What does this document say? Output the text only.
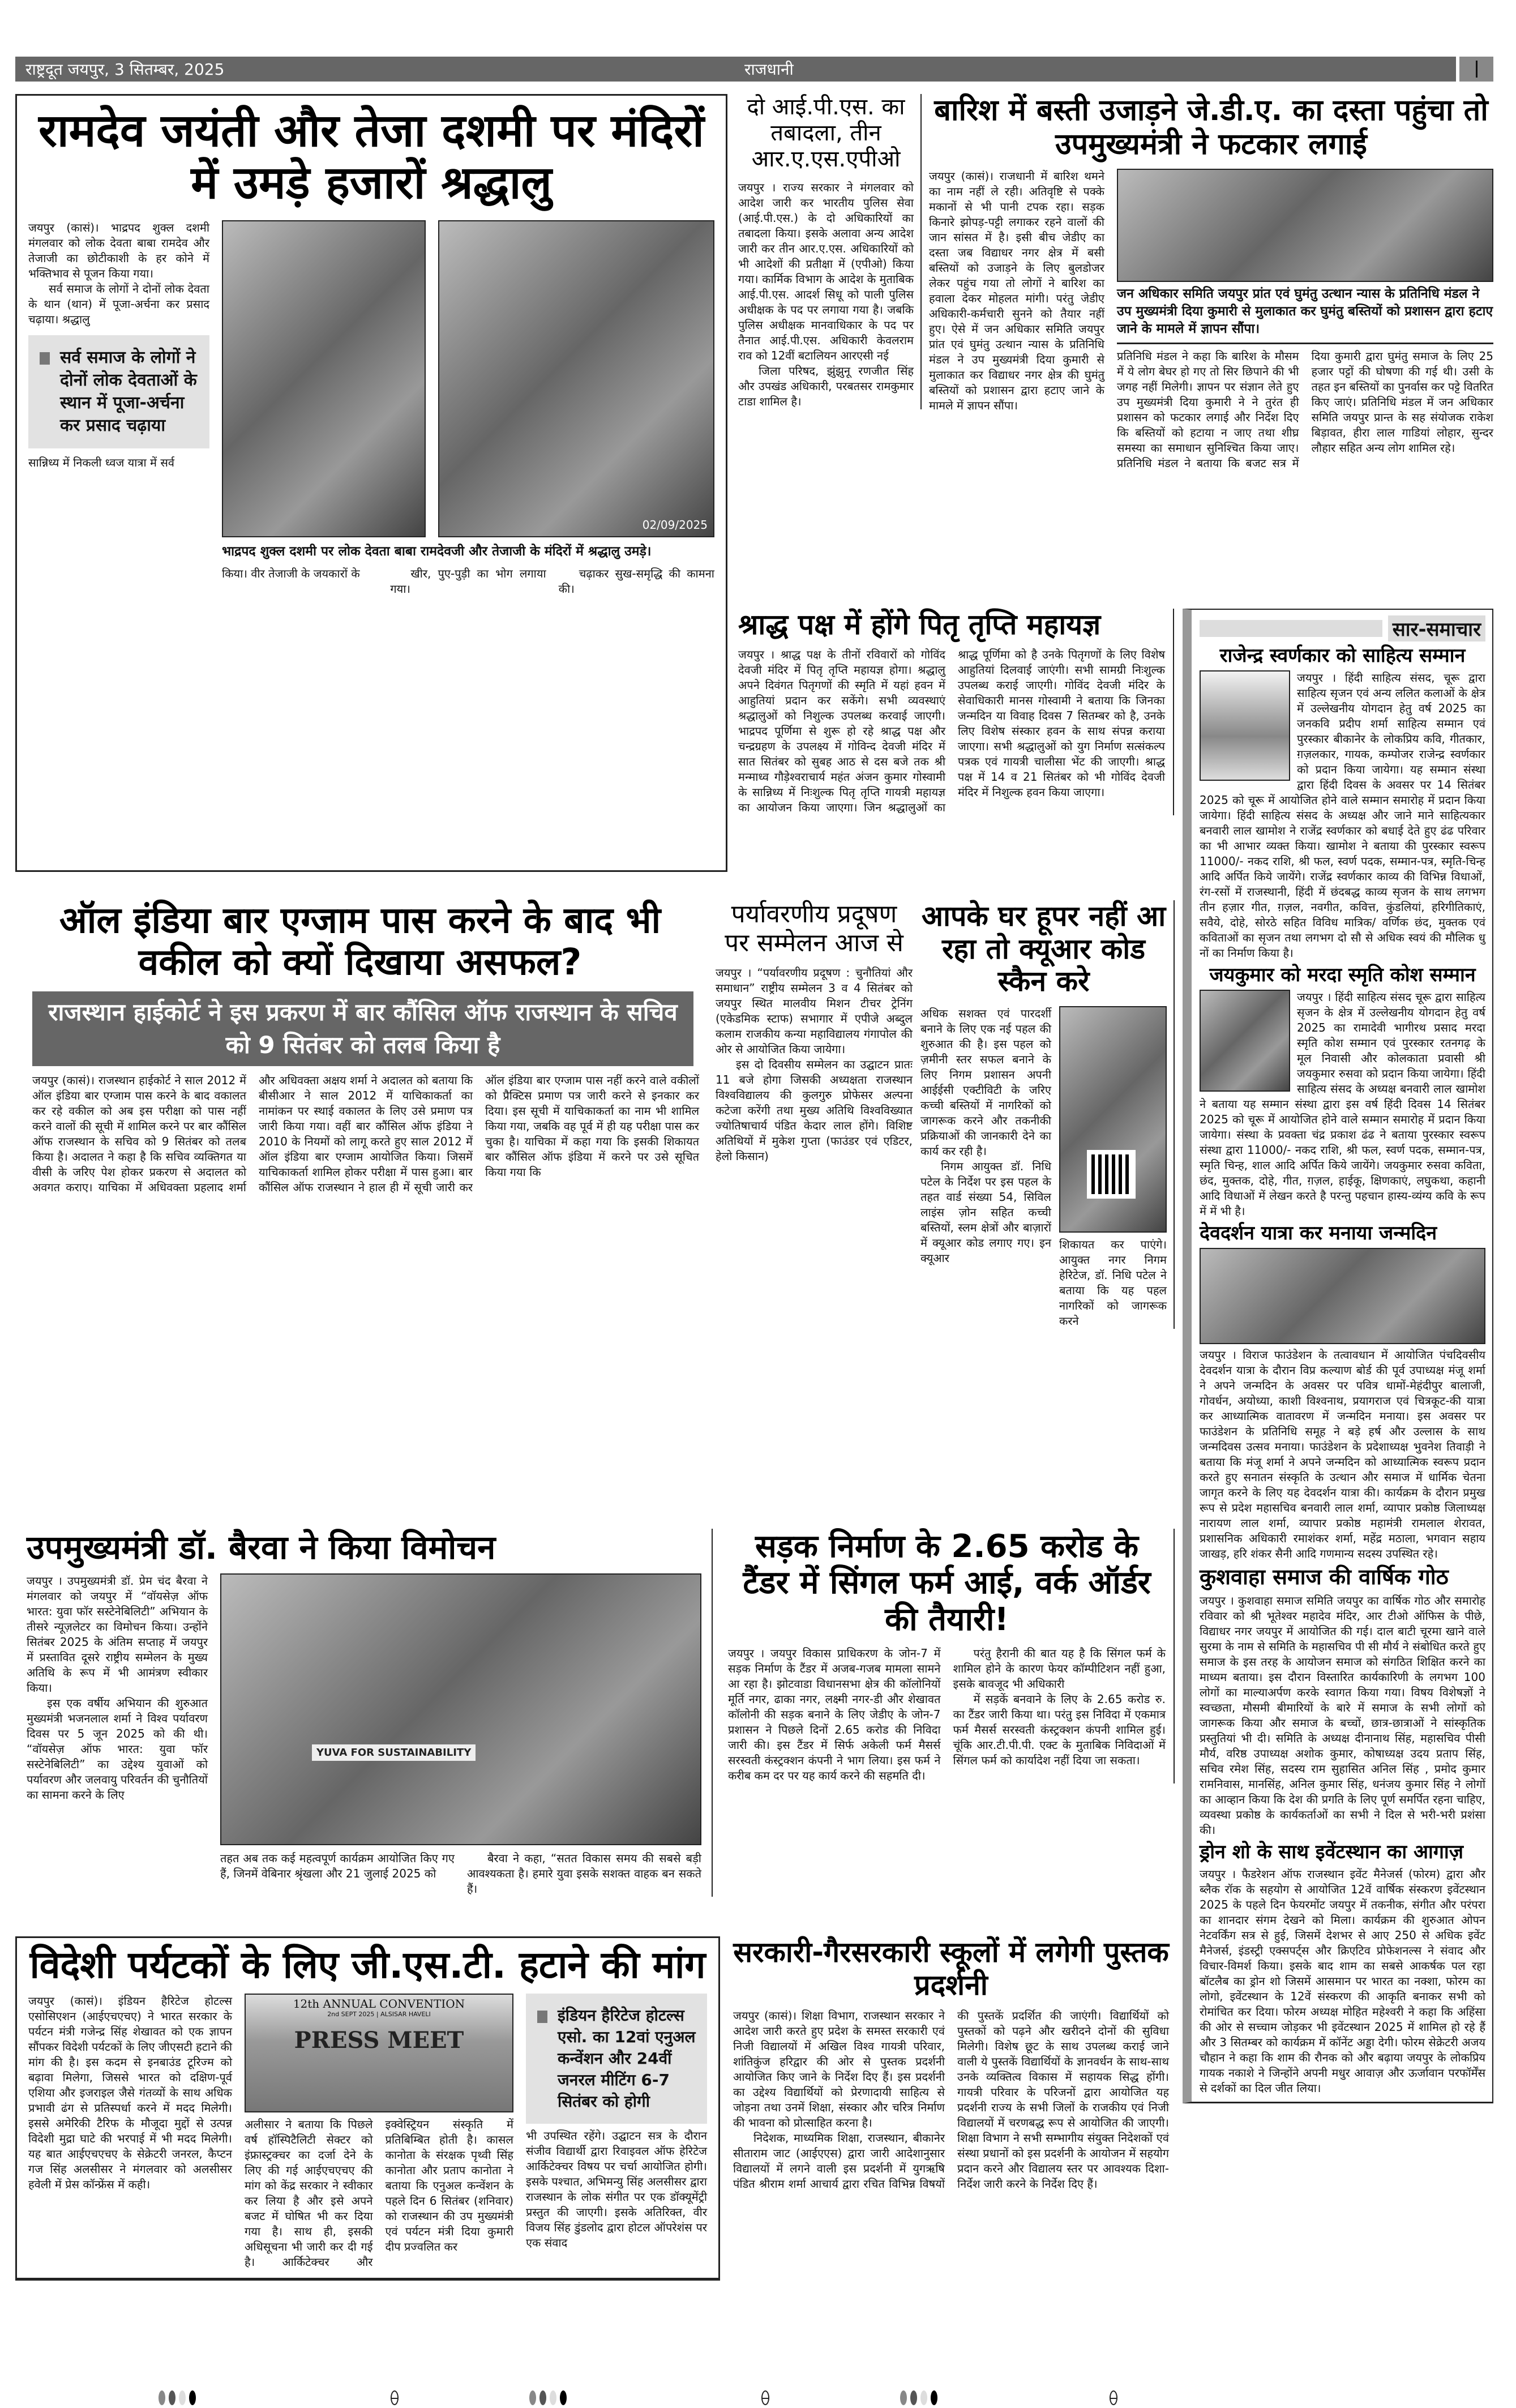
राष्ट्रदूत जयपुर, 3 सितम्बर, 2025	राजधानी
रामदेव जयंती और तेजा दशमी पर मंदिरों में उमड़े हजारों श्रद्धालु

जयपुर (कासं)। भाद्रपद शुक्ल दशमी मंगलवार को लोक देवता बाबा रामदेव और तेजाजी का छोटीकाशी के हर कोने में भक्तिभाव से पूजन किया गया।

सर्व समाज के लोगों ने दोनों लोक देवता के थान (थान) में पूजा-अर्चना कर प्रसाद चढ़ाया। श्रद्धालु

सर्व समाज के लोगों ने दोनों लोक देवताओं के स्थान में पूजा-अर्चना कर प्रसाद चढ़ाया

सान्निध्य में निकली ध्वज यात्रा में सर्व

02/09/2025
भाद्रपद शुक्ल दशमी पर लोक देवता बाबा रामदेवजी और तेजाजी के मंदिरों में श्रद्धालु उमड़े।

किया। वीर तेजाजी के जयकारों के	खीर, पुए-पुड़ी का भोग लगाया गया।

चढ़ाकर सुख-समृद्धि की कामना की।

दो आई.पी.एस. का तबादला, तीन आर.ए.एस.एपीओ

जयपुर । राज्य सरकार ने मंगलवार को आदेश जारी कर भारतीय पुलिस सेवा (आई.पी.एस.) के दो अधिकारियों का तबादला किया। इसके अलावा अन्य आदेश जारी कर तीन आर.ए.एस. अधिकारियों को भी आदेशों की प्रतीक्षा में (एपीओ) किया गया। कार्मिक विभाग के आदेश के मुताबिक आई.पी.एस. आदर्श सिधू को पाली पुलिस अधीक्षक के पद पर लगाया गया है। जबकि पुलिस अधीक्षक मानवाधिकार के पद पर तैनात आई.पी.एस. अधिकारी केवलराम राव को 12वीं बटालियन आरएसी नई

जिला परिषद, झुंझुनू रणजीत सिंह और उपखंड अधिकारी, परबतसर रामकुमार टाडा शामिल है।

बारिश में बस्ती उजाड़ने जे.डी.ए. का दस्ता पहुंचा तो उपमुख्यमंत्री ने फटकार लगाई

जयपुर (कासं)। राजधानी में बारिश थमने का नाम नहीं ले रही। अतिवृष्टि से पक्के मकानों से भी पानी टपक रहा। सड़क किनारे झोपड़-पट्टी लगाकर रहने वालों की जान सांसत में है। इसी बीच जेडीए का दस्ता जब विद्याधर नगर क्षेत्र में बसी बस्तियों को उजाड़ने के लिए बुलडोजर लेकर पहुंच गया तो लोगों ने बारिश का हवाला देकर मोहलत मांगी। परंतु जेडीए अधिकारी-कर्मचारी सुनने को तैयार नहीं हुए। ऐसे में जन अधिकार समिति जयपुर प्रांत एवं घुमंतु उत्थान न्यास के प्रतिनिधि मंडल ने उप मुख्यमंत्री दिया कुमारी से मुलाकात कर विद्याधर नगर क्षेत्र की घुमंतु बस्तियों को प्रशासन द्वारा हटाए जाने के मामले में ज्ञापन सौंपा।

जन अधिकार समिति जयपुर प्रांत एवं घुमंतु उत्थान न्यास के प्रतिनिधि मंडल ने उप मुख्यमंत्री दिया कुमारी से मुलाकात कर घुमंतु बस्तियों को प्रशासन द्वारा हटाए जाने के मामले में ज्ञापन सौंपा।

प्रतिनिधि मंडल ने कहा कि बारिश के मौसम में ये लोग बेघर हो गए तो सिर छिपाने की भी जगह नहीं मिलेगी। ज्ञापन पर संज्ञान लेते हुए उप मुख्यमंत्री दिया कुमारी ने ने तुरंत ही प्रशासन को फटकार लगाई और निर्देश दिए कि बस्तियों को हटाया न जाए तथा शीघ्र समस्या का समाधान सुनिश्चित किया जाए। प्रतिनिधि मंडल ने बताया कि बजट सत्र में दिया कुमारी द्वारा घुमंतु समाज के लिए 25 हजार पट्टों की घोषणा की गई थी। उसी के तहत इन बस्तियों का पुनर्वास कर पट्टे वितरित किए जाएं। प्रतिनिधि मंडल में जन अधिकार समिति जयपुर प्रान्त के सह संयोजक राकेश बिड़ावत, हीरा लाल गाडियां लोहार, सुन्दर लौहार सहित अन्य लोग शामिल रहे।

श्राद्ध पक्ष में होंगे पितृ तृप्ति महायज्ञ

जयपुर । श्राद्ध पक्ष के तीनों रविवारों को गोविंद देवजी मंदिर में पितृ तृप्ति महायज्ञ होगा। श्रद्धालु अपने दिवंगत पितृगणों की स्मृति में यहां हवन में आहुतियां प्रदान कर सकेंगे। सभी व्यवस्थाएं श्रद्धालुओं को निशुल्क उपलब्ध करवाई जाएगी। भाद्रपद पूर्णिमा से शुरू हो रहे श्राद्ध पक्ष और चन्द्रग्रहण के उपलक्ष्य में गोविन्द देवजी मंदिर में सात सितंबर को सुबह आठ से दस बजे तक श्री मन्माध्व गौड़ेश्वराचार्य महंत अंजन कुमार गोस्वामी के सान्निध्य में निःशुल्क पितृ तृप्ति गायत्री महायज्ञ का आयोजन किया जाएगा। जिन श्रद्धालुओं का श्राद्ध पूर्णिमा को है उनके पितृगणों के लिए विशेष आहुतियां दिलवाई जाएंगी। सभी सामग्री निःशुल्क उपलब्ध कराई जाएगी। गोविंद देवजी मंदिर के सेवाधिकारी मानस गोस्वामी ने बताया कि जिनका जन्मदिन या विवाह दिवस 7 सितम्बर को है, उनके लिए विशेष संस्कार हवन के साथ संपन्न कराया जाएगा। सभी श्रद्धालुओं को युग निर्माण सत्संकल्प पत्रक एवं गायत्री चालीसा भेंट की जाएगी। श्राद्ध पक्ष में 14 व 21 सितंबर को भी गोविंद देवजी मंदिर में निशुल्क हवन किया जाएगा।

सार-समाचार
राजेन्द्र स्वर्णकार को साहित्य सम्मान

जयपुर । हिंदी साहित्य संसद, चूरू द्वारा साहित्य सृजन एवं अन्य ललित कलाओं के क्षेत्र में उल्लेखनीय योगदान हेतु वर्ष 2025 का जनकवि प्रदीप शर्मा साहित्य सम्मान एवं पुरस्कार बीकानेर के लोकप्रिय कवि, गीतकार, ग़ज़लकार, गायक, कम्पोजर राजेन्द्र स्वर्णकार को प्रदान किया जायेगा। यह सम्मान संस्था द्वारा हिंदी दिवस के अवसर पर 14 सितंबर 2025 को चूरू में आयोजित होने वाले सम्मान समारोह में प्रदान किया जायेगा। हिंदी साहित्य संसद के अध्यक्ष और जाने माने साहित्यकार बनवारी लाल खामोश ने राजेंद्र स्वर्णकार को बधाई देते हुए ढंढ परिवार का भी आभार व्यक्त किया। खामोश ने बताया की पुरस्कार स्वरूप 11000/- नकद राशि, श्री फल, स्वर्ण पदक, सम्मान-पत्र, स्मृति-चिन्ह आदि अर्पित किये जायेंगे। राजेंद्र स्वर्णकार काव्य की विभिन्न विधाओं, रंग-रसों में राजस्थानी, हिंदी में छंदबद्ध काव्य सृजन के साथ लगभग तीन हज़ार गीत, ग़ज़ल, नवगीत, कवित्त, कुंडलियां, हरिगीतिकाएं, सवैये, दोहे, सोरठे सहित विविध मात्रिक/ वर्णिक छंद, मुक्तक एवं कविताओं का सृजन तथा लगभग दो सौ से अधिक स्वयं की मौलिक धु नों का निर्माण किया है।

जयकुमार को मरदा स्मृति कोश सम्मान

जयपुर । हिंदी साहित्य संसद चूरू द्वारा साहित्य सृजन के क्षेत्र में उल्लेखनीय योगदान हेतु वर्ष 2025 का रामादेवी भागीरथ प्रसाद मरदा स्मृति कोश सम्मान एवं पुरस्कार रतनगढ़ के मूल निवासी और कोलकाता प्रवासी श्री जयकुमार रुसवा को प्रदान किया जायेगा। हिंदी साहित्य संसद के अध्यक्ष बनवारी लाल खामोश ने बताया यह सम्मान संस्था द्वारा इस वर्ष हिंदी दिवस 14 सितंबर 2025 को चूरू में आयोजित होने वाले सम्मान समारोह में प्रदान किया जायेगा। संस्था के प्रवक्ता चंद्र प्रकाश ढंढ ने बताया पुरस्कार स्वरूप संस्था द्वारा 11000/- नकद राशि, श्री फल, स्वर्ण पदक, सम्मान-पत्र, स्मृति चिन्ह, शाल आदि अर्पित किये जायेंगे। जयकुमार रुसवा कविता, छंद, मुक्तक, दोहे, गीत, ग़ज़ल, हाईकू, क्षिणकाएं, लघुकथा, कहानी आदि विधाओं में लेखन करते है परन्तु पहचान हास्य-व्यंग्य कवि के रूप में में भी है।

देवदर्शन यात्रा कर मनाया जन्मदिन

जयपुर । विराज फाउंडेशन के तत्वावधान में आयोजित पंचदिवसीय देवदर्शन यात्रा के दौरान विप्र कल्याण बोर्ड की पूर्व उपाध्यक्ष मंजू शर्मा ने अपने जन्मदिन के अवसर पर पवित्र धामों-मेहंदीपुर बालाजी, गोवर्धन, अयोध्या, काशी विश्वनाथ, प्रयागराज एवं चित्रकूट-की यात्रा कर आध्यात्मिक वातावरण में जन्मदिन मनाया। इस अवसर पर फाउंडेशन के प्रतिनिधि समूह ने बड़े हर्ष और उल्लास के साथ जन्मदिवस उत्सव मनाया। फाउंडेशन के प्रदेशाध्यक्ष भुवनेश तिवाड़ी ने बताया कि मंजू शर्मा ने अपने जन्मदिन को आध्यात्मिक स्वरूप प्रदान करते हुए सनातन संस्कृति के उत्थान और समाज में धार्मिक चेतना जागृत करने के लिए यह देवदर्शन यात्रा की। कार्यक्रम के दौरान प्रमुख रूप से प्रदेश महासचिव बनवारी लाल शर्मा, व्यापार प्रकोष्ठ जिलाध्यक्ष नारायण लाल शर्मा, व्यापार प्रकोष्ठ महामंत्री रामलाल शेरावत, प्रशासनिक अधिकारी रमाशंकर शर्मा, महेंद्र मठाला, भगवान सहाय जाखड़, हरि शंकर सैनी आदि गणमान्य सदस्य उपस्थित रहे।

कुशवाहा समाज की वार्षिक गोठ

जयपुर । कुशवाहा समाज समिति जयपुर का वार्षिक गोठ और समारोह रविवार को श्री भूतेश्वर महादेव मंदिर, आर टीओ ऑफिस के पीछे, विद्याधर नगर जयपुर में आयोजित की गई। दाल बाटी चूरमा खाने वाले सुरमा के नाम से समिति के महासचिव पी सी मौर्य ने संबोधित करते हुए समाज के इस तरह के आयोजन समाज को संगठित शिक्षित करने का माध्यम बताया। इस दौरान विस्तारित कार्यकारिणी के लगभग 100 लोगों का माल्याअर्पण करके स्वागत किया गया। विषय विशेषज्ञों ने स्वच्छता, मौसमी बीमारियों के बारे में समाज के सभी लोगों को जागरूक किया और समाज के बच्चों, छात्र-छात्राओं ने सांस्कृतिक प्रस्तुतियां भी दी। समिति के अध्यक्ष दीनानाथ सिंह, महासचिव पीसी मौर्य, वरिष्ठ उपाध्यक्ष अशोक कुमार, कोषाध्यक्ष उदय प्रताप सिंह, सचिव रमेश सिंह, सदस्य राम सुहासित अनिल सिंह , प्रमोद कुमार रामनिवास, मानसिंह, अनिल कुमार सिंह, धनंजय कुमार सिंह ने लोगों का आव्हान किया कि देश की प्रगति के लिए पूर्ण समर्पित रहना चाहिए, व्यवस्था प्रकोष्ठ के कार्यकर्ताओं का सभी ने दिल से भरी-भरी प्रशंसा की।

ड्रोन शो के साथ इवेंटस्थान का आगाज़

जयपुर । फैडरेशन ऑफ राजस्थान इवेंट मैनेजर्स (फोरम) द्वारा और ब्लैक रॉक के सहयोग से आयोजित 12वें वार्षिक संस्करण इवेंटस्थान 2025 के पहले दिन फेयरमोंट जयपुर में तकनीक, संगीत और परंपरा का शानदार संगम देखने को मिला। कार्यक्रम की शुरुआत ओपन नेटवर्किंग सत्र से हुई, जिसमें देशभर से आए 250 से अधिक इवेंट मैनेजर्स, इंडस्ट्री एक्सपर्ट्स और क्रिएटिव प्रोफेशनल्स ने संवाद और विचार-विमर्श किया। इसके बाद शाम का सबसे आकर्षक पल रहा बॉटलैब का ड्रोन शो जिसमें आसमान पर भारत का नक्शा, फोरम का लोगो, इवेंटस्थान के 12वें संस्करण की आकृति बनाकर सभी को रोमांचित कर दिया। फोरम अध्यक्ष मोहित महेश्वरी ने कहा कि अहिंसा की ओर से सच्चाम जोड़कर भी इवेंटस्थान 2025 में शामिल हो रहे हैं और 3 सितम्बर को कार्यक्रम में कॉनेंट अड्डा देगी। फोरम सेक्रेटरी अजय चौहान ने कहा कि शाम की रौनक को और बढ़ाया जयपुर के लोकप्रिय गायक नकाशे ने जिन्होंने अपनी मधुर आवाज़ और ऊर्जावान परफॉर्मेंस से दर्शकों का दिल जीत लिया।

ऑल इंडिया बार एग्जाम पास करने के बाद भी वकील को क्यों दिखाया असफल?
राजस्थान हाईकोर्ट ने इस प्रकरण में बार कौंसिल ऑफ राजस्थान के सचिव को 9 सितंबर को तलब किया है

जयपुर (कासं)। राजस्थान हाईकोर्ट ने साल 2012 में ऑल इंडिया बार एग्जाम पास करने के बाद वकालत कर रहे वकील को अब इस परीक्षा को पास नहीं करने वालों की सूची में शामिल करने पर बार कौंसिल ऑफ राजस्थान के सचिव को 9 सितंबर को तलब किया है। अदालत ने कहा है कि सचिव व्यक्तिगत या वीसी के जरिए पेश होकर प्रकरण से अदालत को अवगत कराए। याचिका में अधिवक्ता प्रहलाद शर्मा और अधिवक्ता अक्षय शर्मा ने अदालत को बताया कि बीसीआर ने साल 2012 में याचिकाकर्ता का नामांकन पर स्थाई वकालत के लिए उसे प्रमाण पत्र जारी किया गया। वहीं बार कौंसिल ऑफ इंडिया ने 2010 के नियमों को लागू करते हुए साल 2012 में ऑल इंडिया बार एग्जाम आयोजित किया। जिसमें याचिकाकर्ता शामिल होकर परीक्षा में पास हुआ। बार कौंसिल ऑफ राजस्थान ने हाल ही में सूची जारी कर ऑल इंडिया बार एग्जाम पास नहीं करने वाले वकीलों को प्रैक्टिस प्रमाण पत्र जारी करने से इनकार कर दिया। इस सूची में याचिकाकर्ता का नाम भी शामिल किया गया, जबकि वह पूर्व में ही यह परीक्षा पास कर चुका है। याचिका में कहा गया कि इसकी शिकायत बार कौंसिल ऑफ इंडिया में करने पर उसे सूचित किया गया कि

पर्यावरणीय प्रदूषण पर सम्मेलन आज से

जयपुर । “पर्यावरणीय प्रदूषण : चुनौतियां और समाधान” राष्ट्रीय सम्मेलन 3 व 4 सितंबर को जयपुर स्थित मालवीय मिशन टीचर ट्रेनिंग (एकेडमिक स्टाफ) सभागार में एपीजे अब्दुल कलाम राजकीय कन्या महाविद्यालय गंगापोल की ओर से आयोजित किया जायेगा।

इस दो दिवसीय सम्मेलन का उद्घाटन प्रातः 11 बजे होगा जिसकी अध्यक्षता राजस्थान विश्वविद्यालय की कुलगुरु प्रोफेसर अल्पना कटेजा करेंगी तथा मुख्य अतिथि विश्वविख्यात ज्योतिषाचार्य पंडित केदार लाल होंगे। विशिष्ट अतिथियों में मुकेश गुप्ता (फाउंडर एवं एडिटर, हेलो किसान)

आपके घर हूपर नहीं आ रहा तो क्यूआर कोड स्कैन करे

अधिक सशक्त एवं पारदर्शी बनाने के लिए एक नई पहल की शुरुआत की है। इस पहल को ज़मीनी स्तर सफल बनाने के लिए निगम प्रशासन अपनी आईईसी एक्टीविटी के जरिए कच्ची बस्तियों में नागरिकों को जागरूक करने और तकनीकी प्रक्रियाओं की जानकारी देने का कार्य कर रही है।

निगम आयुक्त डॉ. निधि पटेल के निर्देश पर इस पहल के तहत वार्ड संख्या 54, सिविल लाइंस ज़ोन सहित कच्ची बस्तियों, स्लम क्षेत्रों और बाज़ारों में क्यूआर कोड लगाए गए। इन क्यूआर

शिकायत कर पाएंगे। आयुक्त नगर निगम हेरिटेज, डॉ. निधि पटेल ने बताया कि यह पहल नागरिकों को जागरूक करने

उपमुख्यमंत्री डॉ. बैरवा ने किया विमोचन

जयपुर । उपमुख्यमंत्री डॉ. प्रेम चंद बैरवा ने मंगलवार को जयपुर में “वॉयसेज़ ऑफ भारत: युवा फॉर सस्टेनेबिलिटी” अभियान के तीसरे न्यूज़लेटर का विमोचन किया। उन्होंने सितंबर 2025 के अंतिम सप्ताह में जयपुर में प्रस्तावित दूसरे राष्ट्रीय सम्मेलन के मुख्य अतिथि के रूप में भी आमंत्रण स्वीकार किया।

इस एक वर्षीय अभियान की शुरुआत मुख्यमंत्री भजनलाल शर्मा ने विश्व पर्यावरण दिवस पर 5 जून 2025 को की थी। “वॉयसेज़ ऑफ भारत: युवा फॉर सस्टेनेबिलिटी” का उद्देश्य युवाओं को पर्यावरण और जलवायु परिवर्तन की चुनौतियों का सामना करने के लिए

YUVA FOR SUSTAINABILITY

तहत अब तक कई महत्वपूर्ण कार्यक्रम आयोजित किए गए हैं, जिनमें वेबिनार श्रृंखला और 21 जुलाई 2025 को

बैरवा ने कहा, “सतत विकास समय की सबसे बड़ी आवश्यकता है। हमारे युवा इसके सशक्त वाहक बन सकते हैं।

सड़क निर्माण के 2.65 करोड के टैंडर में सिंगल फर्म आई, वर्क ऑर्डर की तैयारी!

जयपुर । जयपुर विकास प्राधिकरण के जोन-7 में सड़क निर्माण के टैंडर में अजब-गजब मामला सामने आ रहा है। झोटवाडा विधानसभा क्षेत्र की कॉलोनियों मूर्ति नगर, ढाका नगर, लक्ष्मी नगर-डी और शेखावत कॉलोनी की सड़क बनाने के लिए जेडीए के जोन-7 प्रशासन ने पिछले दिनों 2.65 करोड की निविदा जारी की। इस टैंडर में सिर्फ अकेली फर्म मैसर्स सरस्वती कंस्ट्रक्शन कंपनी ने भाग लिया। इस फर्म ने करीब कम दर पर यह कार्य करने की सहमति दी।

परंतु हैरानी की बात यह है कि सिंगल फर्म के शामिल होने के कारण फेयर कॉम्पीटिशन नहीं हुआ, इसके बावजूद भी अधिकारी

में सड़कें बनवाने के लिए के 2.65 करोड रु. का टैंडर जारी किया था। परंतु इस निविदा में एकमात्र फर्म मैसर्स सरस्वती कंस्ट्रक्शन कंपनी शामिल हुई। चूंकि आर.टी.पी.पी. एक्ट के मुताबिक निविदाओं में सिंगल फर्म को कार्यादेश नहीं दिया जा सकता।

विदेशी पर्यटकों के लिए जी.एस.टी. हटाने की मांग

जयपुर (कासं)। इंडियन हैरिटेज होटल्स एसोसिएशन (आईएचएचए) ने भारत सरकार के पर्यटन मंत्री गजेन्द्र सिंह शेखावत को एक ज्ञापन सौंपकर विदेशी पर्यटकों के लिए जीएसटी हटाने की मांग की है। इस कदम से इनबाउंड टूरिज्म को बढ़ावा मिलेगा, जिससे भारत को दक्षिण-पूर्व एशिया और इजराइल जैसे गंतव्यों के साथ अधिक प्रभावी ढंग से प्रतिस्पर्धा करने में मदद मिलेगी। इससे अमेरिकी टैरिफ के मौजूदा मुद्दों से उत्पन्न विदेशी मुद्रा घाटे की भरपाई में भी मदद मिलेगी। यह बात आईएचएचए के सेक्रेटरी जनरल, कैप्टन गज सिंह अलसीसर ने मंगलवार को अलसीसर हवेली में प्रेस कॉन्फ्रेंस में कही।

12th ANNUAL CONVENTION
2nd SEPT 2025 | ALSISAR HAVELI
PRESS MEET

अलीसार ने बताया कि पिछले वर्ष हॉस्पिटैलिटी सेक्टर को इंफ्रास्ट्रक्चर का दर्जा देने के लिए की गई आईएचएचए की मांग को केंद्र सरकार ने स्वीकार कर लिया है और इसे अपने बजट में घोषित भी कर दिया गया है। साथ ही, इसकी अधिसूचना भी जारी कर दी गई है। आर्किटेक्चर और इक्वेस्ट्रियन संस्कृति में प्रतिबिम्बित होती है। कासल कानोता के संरक्षक पृथ्वी सिंह कानोता और प्रताप कानोता ने बताया कि एनुअल कन्वेंशन के पहले दिन 6 सितंबर (शनिवार) को राजस्थान की उप मुख्यमंत्री एवं पर्यटन मंत्री दिया कुमारी दीप प्रज्वलित कर

इंडियन हैरिटेज होटल्स एसो. का 12वां एनुअल कन्वेंशन और 24वीं जनरल मीटिंग 6-7 सितंबर को होगी

भी उपस्थित रहेंगे। उद्घाटन सत्र के दौरान संजीव विद्यार्थी द्वारा रिवाइवल ऑफ हेरिटेज आर्किटेक्चर विषय पर चर्चा आयोजित होगी। इसके पश्चात, अभिमन्यु सिंह अलसीसर द्वारा राजस्थान के लोक संगीत पर एक डॉक्यूमेंट्री प्रस्तुत की जाएगी। इसके अतिरिक्त, वीर विजय सिंह डुंडलोद द्वारा होटल ऑपरेशंस पर एक संवाद

सरकारी-गैरसरकारी स्कूलों में लगेगी पुस्तक प्रदर्शनी

जयपुर (कासं)। शिक्षा विभाग, राजस्थान सरकार ने आदेश जारी करते हुए प्रदेश के समस्त सरकारी एवं निजी विद्यालयों में अखिल विश्व गायत्री परिवार, शांतिकुंज हरिद्वार की ओर से पुस्तक प्रदर्शनी आयोजित किए जाने के निर्देश दिए हैं। इस प्रदर्शनी का उद्देश्य विद्यार्थियों को प्रेरणादायी साहित्य से जोड़ना तथा उनमें शिक्षा, संस्कार और चरित्र निर्माण की भावना को प्रोत्साहित करना है।

निदेशक, माध्यमिक शिक्षा, राजस्थान, बीकानेर सीताराम जाट (आईएएस) द्वारा जारी आदेशानुसार विद्यालयों में लगने वाली इस प्रदर्शनी में युगऋषि पंडित श्रीराम शर्मा आचार्य द्वारा रचित विभिन्न विषयों की पुस्तकें प्रदर्शित की जाएंगी। विद्यार्थियों को पुस्तकों को पढ़ने और खरीदने दोनों की सुविधा मिलेगी। विशेष छूट के साथ उपलब्ध कराई जाने वाली ये पुस्तकें विद्यार्थियों के ज्ञानवर्धन के साथ-साथ उनके व्यक्तित्व विकास में सहायक सिद्ध होंगी। गायत्री परिवार के परिजनों द्वारा आयोजित यह प्रदर्शनी राज्य के सभी जिलों के राजकीय एवं निजी विद्यालयों में चरणबद्ध रूप से आयोजित की जाएगी। शिक्षा विभाग ने सभी सम्भागीय संयुक्त निदेशकों एवं संस्था प्रधानों को इस प्रदर्शनी के आयोजन में सहयोग प्रदान करने और विद्यालय स्तर पर आवश्यक दिशा-निर्देश जारी करने के निर्देश दिए हैं।
